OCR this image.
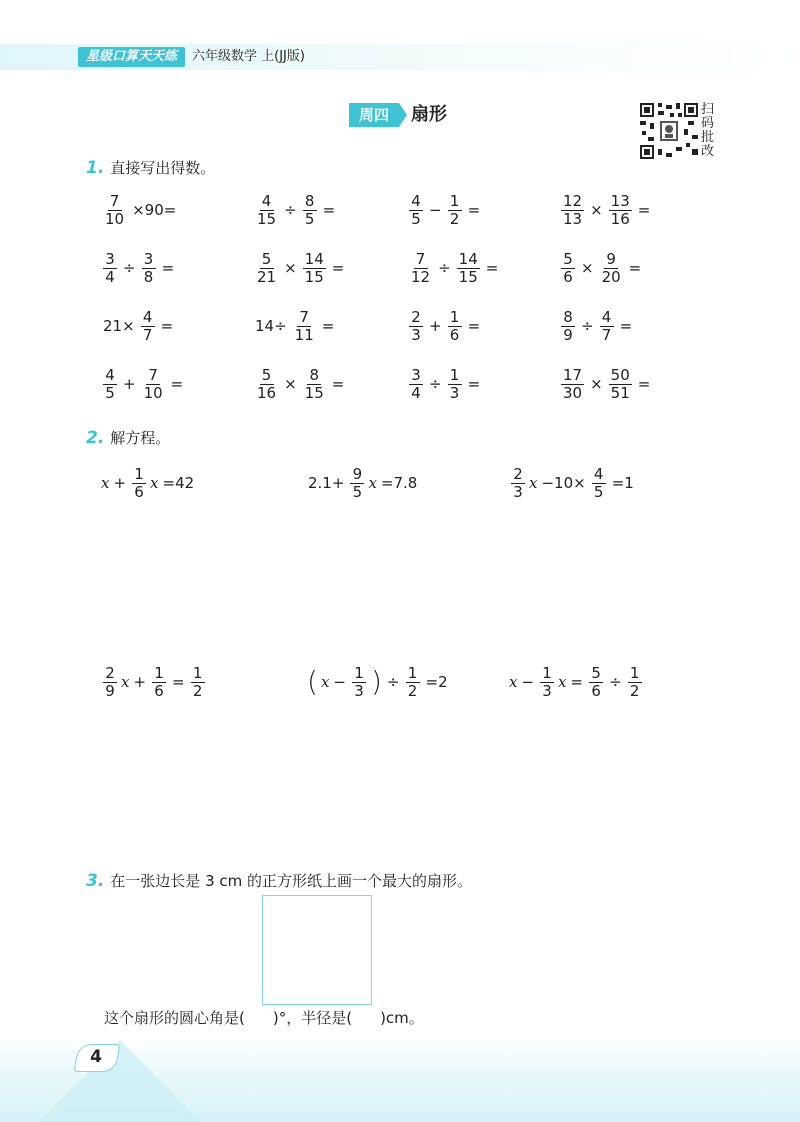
星级口算天天练	六年级数学 上(JJ版)
周四	扇形	扫码批改
1. 直接写出得数。
$\frac{7}{10} \times 90=$	$\frac{4}{15} \div \frac{8}{5}$ =	$\frac{4}{5} - \frac{1}{2}$ =	$\frac{12}{13} \times \frac{13}{16}$ =
$\frac{3}{4} \div \frac{3}{8}$ =	$\frac{5}{21} \times \frac{14}{15}$ =	$\frac{7}{12} \div \frac{14}{15}$ =	$\frac{5}{6} \times \frac{9}{20}$ =
$21\times \frac{4}{7}$ =	$14\div \frac{7}{11}$ =	$\frac{2}{3} + \frac{1}{6}$ =	$\frac{8}{9} \div \frac{4}{7}$ =
$\frac{4}{5} + \frac{7}{10}$ =	$\frac{5}{16} \times \frac{8}{15}$ =	$\frac{3}{4} \div \frac{1}{3}$ =	$\frac{17}{30} \times \frac{50}{51}$ =
2. 解方程。
$x + \frac{1}{6}$ x =42	$2.1+ \frac{9}{5}$ x =7.8	$\frac{2}{3}$ $x -10\times \frac{4}{5} =1$
$\frac{2}{9}$ $x + \frac{1}{6} = \frac{1}{2}$	( $x - \frac{1}{3}$ ) ÷ $\frac{1}{2} =2$	$x - \frac{1}{3}$ $x = \frac{5}{6} \div \frac{1}{2}$
3. 在一张边长是 3 cm 的正方形纸上画一个最大的扇形。
这个扇形的圆心角是( )°，半径是( )cm。
4
